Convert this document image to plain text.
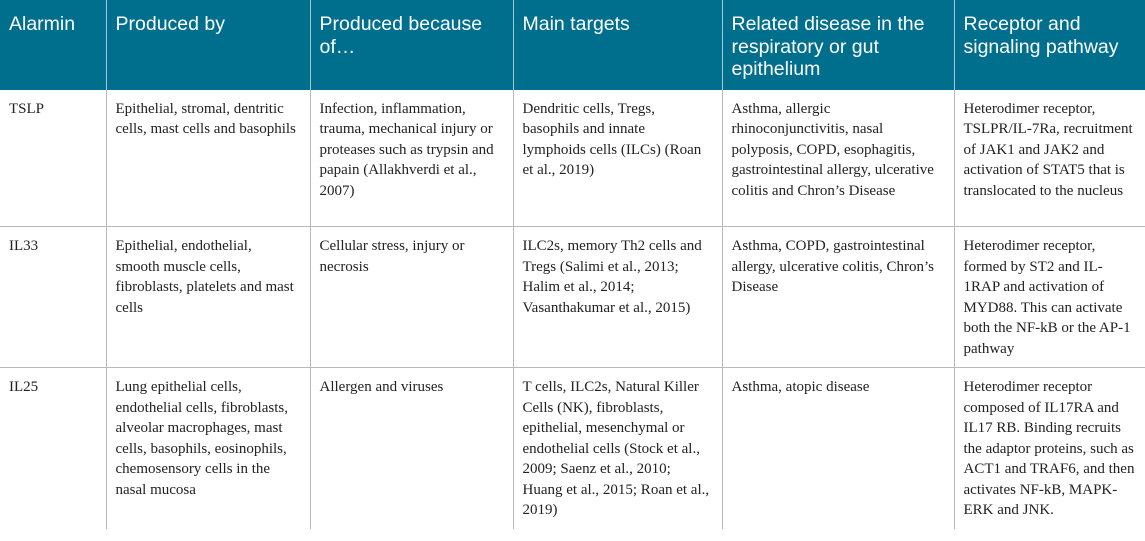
Alarmin	Produced by	Produced because of…	Main targets	Related disease in the respiratory or gut epithelium	Receptor and signaling pathway
TSLP	Epithelial, stromal, dentritic cells, mast cells and basophils	Infection, inflammation, trauma, mechanical injury or proteases such as trypsin and papain (Allakhverdi et al., 2007)	Dendritic cells, Tregs, basophils and innate lymphoids cells (ILCs) (Roan et al., 2019)	Asthma, allergic rhinoconjunctivitis, nasal polyposis, COPD, esophagitis, gastrointestinal allergy, ulcerative colitis and Chron’s Disease	Heterodimer receptor, TSLPR/IL-7Ra, recruitment of JAK1 and JAK2 and activation of STAT5 that is translocated to the nucleus
IL33	Epithelial, endothelial, smooth muscle cells, fibroblasts, platelets and mast cells	Cellular stress, injury or necrosis	ILC2s, memory Th2 cells and Tregs (Salimi et al., 2013; Halim et al., 2014; Vasanthakumar et al., 2015)	Asthma, COPD, gastrointestinal allergy, ulcerative colitis, Chron’s Disease	Heterodimer receptor, formed by ST2 and IL-1RAP and activation of MYD88. This can activate both the NF-kB or the AP-1 pathway
IL25	Lung epithelial cells, endothelial cells, fibroblasts, alveolar macrophages, mast cells, basophils, eosinophils, chemosensory cells in the nasal mucosa	Allergen and viruses	T cells, ILC2s, Natural Killer Cells (NK), fibroblasts, epithelial, mesenchymal or endothelial cells (Stock et al., 2009; Saenz et al., 2010; Huang et al., 2015; Roan et al., 2019)	Asthma, atopic disease	Heterodimer receptor composed of IL17RA and IL17 RB. Binding recruits the adaptor proteins, such as ACT1 and TRAF6, and then activates NF-kB, MAPK-ERK and JNK.
